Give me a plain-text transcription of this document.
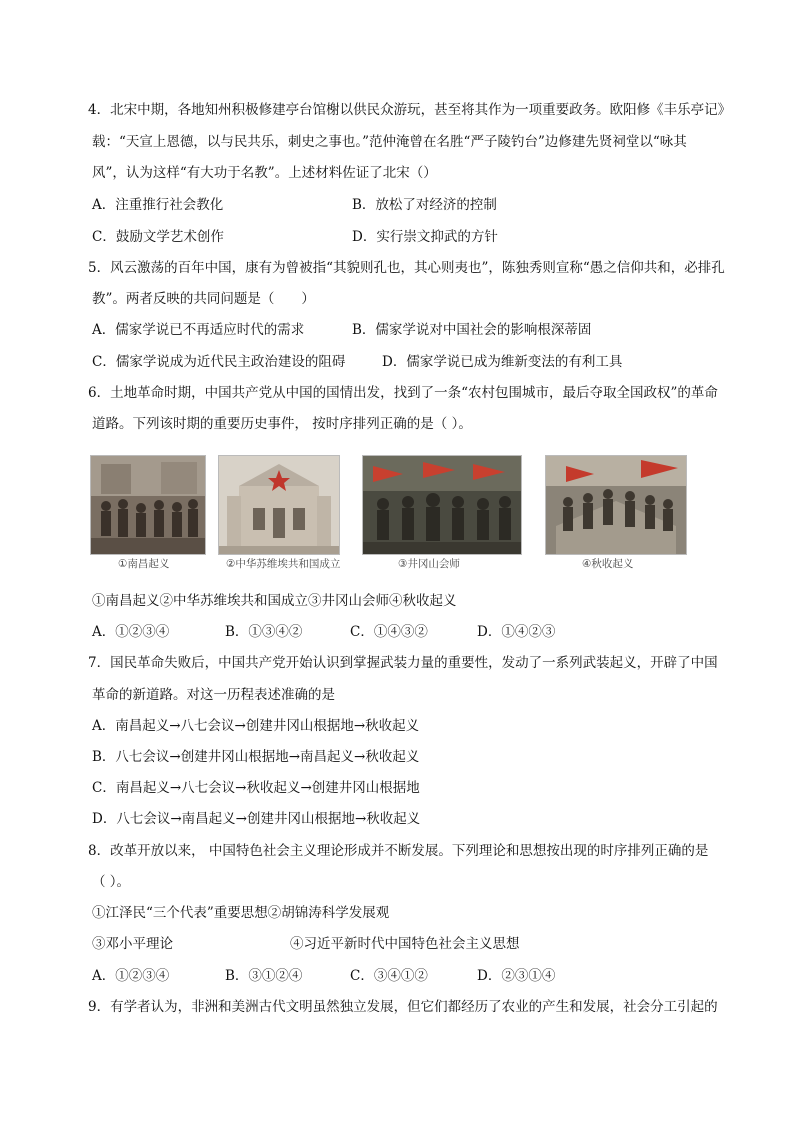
4．北宋中期，各地知州积极修建亭台馆榭以供民众游玩，甚至将其作为一项重要政务。欧阳修《丰乐亭记》
载：“天宣上恩德，以与民共乐，刺史之事也。”范仲淹曾在名胜“严子陵钓台”边修建先贤祠堂以“咏其
风”，认为这样“有大功于名教”。上述材料佐证了北宋（）
A．注重推行社会教化	B．放松了对经济的控制
C．鼓励文学艺术创作	D．实行崇文抑武的方针
5．风云激荡的百年中国，康有为曾被指“其貌则孔也，其心则夷也”，陈独秀则宣称“愚之信仰共和，必排孔
教”。两者反映的共同问题是（　　）
A．儒家学说已不再适应时代的需求	B．儒家学说对中国社会的影响根深蒂固
C．儒家学说成为近代民主政治建设的阻碍	D．儒家学说已成为维新变法的有利工具
6．土地革命时期，中国共产党从中国的国情出发，找到了一条“农村包围城市，最后夺取全国政权”的革命
道路。下列该时期的重要历史事件， 按时序排列正确的是（ ）。
①南昌起义	②中华苏维埃共和国成立	③井冈山会师	④秋收起义
①南昌起义②中华苏维埃共和国成立③井冈山会师④秋收起义
A．①②③④	B．①③④②	C．①④③②	D．①④②③
7．国民革命失败后，中国共产党开始认识到掌握武装力量的重要性，发动了一系列武装起义，开辟了中国
革命的新道路。对这一历程表述准确的是
A．南昌起义→八七会议→创建井冈山根据地→秋收起义
B．八七会议→创建井冈山根据地→南昌起义→秋收起义
C．南昌起义→八七会议→秋收起义→创建井冈山根据地
D．八七会议→南昌起义→创建井冈山根据地→秋收起义
8．改革开放以来， 中国特色社会主义理论形成并不断发展。下列理论和思想按出现的时序排列正确的是
（ ）。
①江泽民“三个代表”重要思想②胡锦涛科学发展观
③邓小平理论	④习近平新时代中国特色社会主义思想
A．①②③④	B．③①②④	C．③④①②	D．②③①④
9．有学者认为，非洲和美洲古代文明虽然独立发展，但它们都经历了农业的产生和发展，社会分工引起的
